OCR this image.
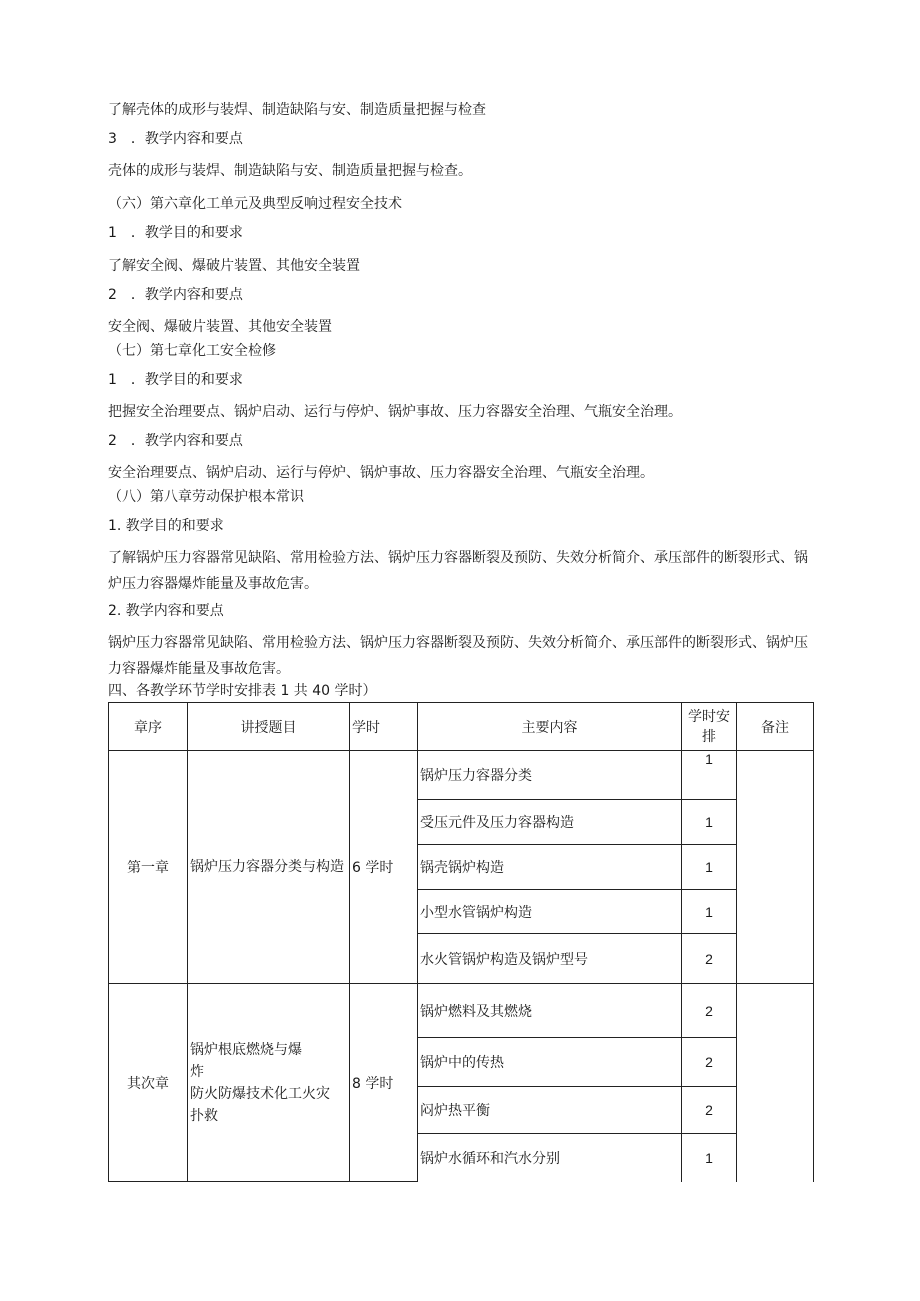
了解壳体的成形与装焊、制造缺陷与安、制造质量把握与检查
3　．教学内容和要点
壳体的成形与装焊、制造缺陷与安、制造质量把握与检查。
（六）第六章化工单元及典型反响过程安全技术
1　．教学目的和要求
了解安全阀、爆破片装置、其他安全装置
2　．教学内容和要点
安全阀、爆破片装置、其他安全装置
（七）第七章化工安全检修
1　．教学目的和要求
把握安全治理要点、锅炉启动、运行与停炉、锅炉事故、压力容器安全治理、气瓶安全治理。
2　．教学内容和要点
安全治理要点、锅炉启动、运行与停炉、锅炉事故、压力容器安全治理、气瓶安全治理。
（八）第八章劳动保护根本常识
1. 教学目的和要求
了解锅炉压力容器常见缺陷、常用检验方法、锅炉压力容器断裂及预防、失效分析简介、承压部件的断裂形式、锅炉压力容器爆炸能量及事故危害。
2. 教学内容和要点
锅炉压力容器常见缺陷、常用检验方法、锅炉压力容器断裂及预防、失效分析简介、承压部件的断裂形式、锅炉压力容器爆炸能量及事故危害。
四、各教学环节学时安排表 1 共 40 学时）
章序	讲授题目	学时	主要内容	学时安排	备注
第一章	锅炉压力容器分类与构造	6 学时	锅炉压力容器分类	1	
			受压元件及压力容器构造	1	
			锅壳锅炉构造	1	
			小型水管锅炉构造	1	
			水火管锅炉构造及锅炉型号	2	
其次章	锅炉根底燃烧与爆
炸
防火防爆技术化工火灾
扑救	8 学时	锅炉燃料及其燃烧	2	
			锅炉中的传热	2	
			闷炉热平衡	2	
			锅炉水循环和汽水分别	1	
